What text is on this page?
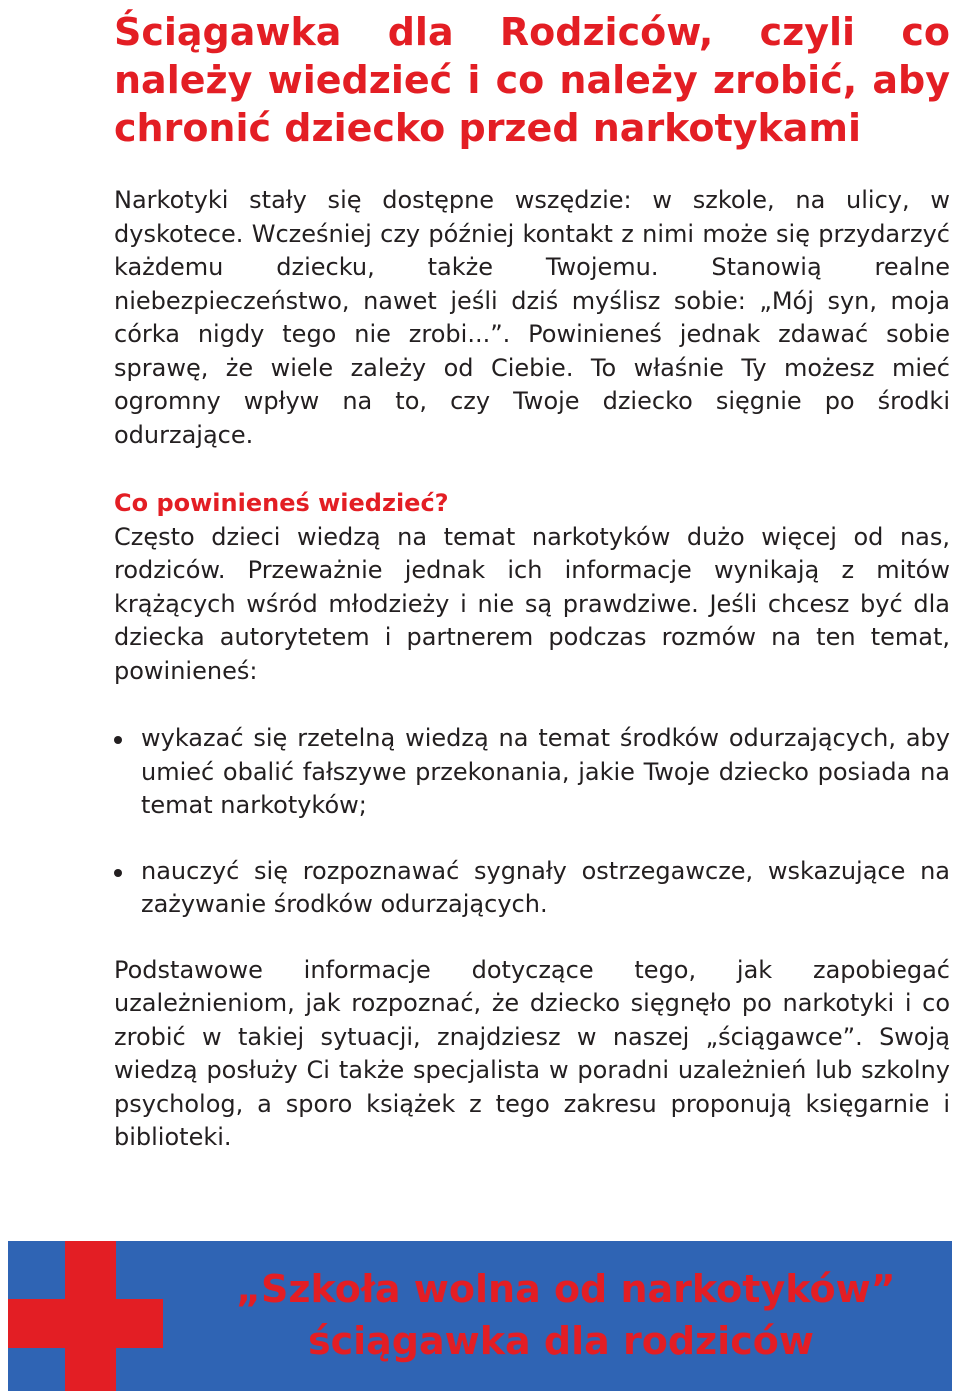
Ściągawka dla Rodziców, czyli co należy wiedzieć i co należy zrobić, aby chronić dziecko przed narkotykami

Narkotyki stały się dostępne wszędzie: w szkole, na ulicy, w dyskotece. Wcześniej czy później kontakt z nimi może się przydarzyć każdemu dziecku, także Twojemu. Stanowią realne niebezpieczeństwo, nawet jeśli dziś myślisz sobie: „Mój syn, moja córka nigdy tego nie zrobi...”. Powinieneś jednak zdawać sobie sprawę, że wiele zależy od Ciebie. To właśnie Ty możesz mieć ogromny wpływ na to, czy Twoje dziecko sięgnie po środki odurzające.

Co powinieneś wiedzieć?

Często dzieci wiedzą na temat narkotyków dużo więcej od nas, rodziców. Przeważnie jednak ich informacje wynikają z mitów krążących wśród młodzieży i nie są prawdziwe. Jeśli chcesz być dla dziecka autorytetem i partnerem podczas rozmów na ten temat, powinieneś:

wykazać się rzetelną wiedzą na temat środków odurzających, aby umieć obalić fałszywe przekonania, jakie Twoje dziecko posiada na temat narkotyków;
nauczyć się rozpoznawać sygnały ostrzegawcze, wskazujące na zażywanie środków odurzających.

Podstawowe informacje dotyczące tego, jak zapobiegać uzależnieniom, jak rozpoznać, że dziecko sięgnęło po narkotyki i co zrobić w takiej sytuacji, znajdziesz w naszej „ściągawce”. Swoją wiedzą posłuży Ci także specjalista w poradni uzależnień lub szkolny psycholog, a sporo książek z tego zakresu proponują księgarnie i biblioteki.

„Szkoła wolna od narkotyków”
ściągawka dla rodziców
